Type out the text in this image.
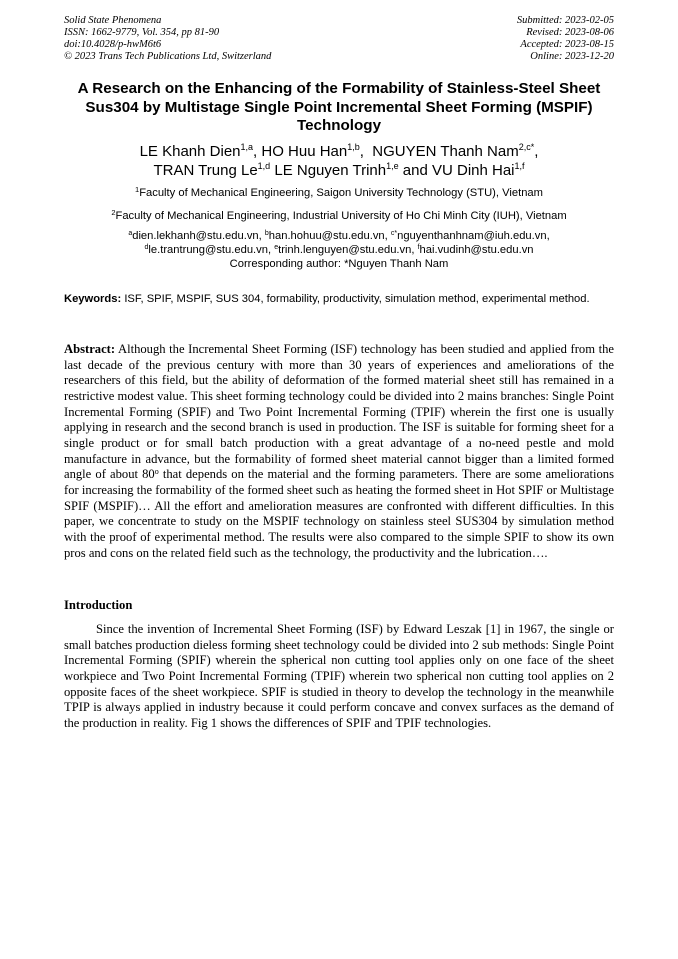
Solid State Phenomena
ISSN: 1662-9779, Vol. 354, pp 81-90
doi:10.4028/p-hwM6t6
© 2023 Trans Tech Publications Ltd, Switzerland
Submitted: 2023-02-05
Revised: 2023-08-06
Accepted: 2023-08-15
Online: 2023-12-20
A Research on the Enhancing of the Formability of Stainless-Steel Sheet Sus304 by Multistage Single Point Incremental Sheet Forming (MSPIF) Technology
LE Khanh Dien$^{1,a}$, HO Huu Han$^{1,b}$,  NGUYEN Thanh Nam$^{2,c*}$,
TRAN Trung Le$^{1,d}$ LE Nguyen Trinh$^{1,e}$ and VU Dinh Hai$^{1,f}$
$^1$Faculty of Mechanical Engineering, Saigon University Technology (STU), Vietnam
$^2$Faculty of Mechanical Engineering, Industrial University of Ho Chi Minh City (IUH), Vietnam
$^a$dien.lekhanh@stu.edu.vn, $^b$han.hohuu@stu.edu.vn, $^{c*}$nguyenthanhnam@iuh.edu.vn,
$^d$le.trantrung@stu.edu.vn, $^e$trinh.lenguyen@stu.edu.vn, $^f$hai.vudinh@stu.edu.vn
Corresponding author: *Nguyen Thanh Nam
Keywords: ISF, SPIF, MSPIF, SUS 304, formability, productivity, simulation method, experimental method.
Abstract: Although the Incremental Sheet Forming (ISF) technology has been studied and applied from the last decade of the previous century with more than 30 years of experiences and ameliorations of the researchers of this field, but the ability of deformation of the formed material sheet still has remained in a restrictive modest value. This sheet forming technology could be divided into 2 mains branches: Single Point Incremental Forming (SPIF) and Two Point Incremental Forming (TPIF) wherein the first one is usually applying in research and the second branch is used in production. The ISF is suitable for forming sheet for a single product or for small batch production with a great advantage of a no-need pestle and mold manufacture in advance, but the formability of formed sheet material cannot bigger than a limited formed angle of about 80$^o$ that depends on the material and the forming parameters. There are some ameliorations for increasing the formability of the formed sheet such as heating the formed sheet in Hot SPIF or Multistage SPIF (MSPIF)… All the effort and amelioration measures are confronted with different difficulties. In this paper, we concentrate to study on the MSPIF technology on stainless steel SUS304 by simulation method with the proof of experimental method. The results were also compared to the simple SPIF to show its own pros and cons on the related field such as the technology, the productivity and the lubrication….
Introduction
Since the invention of Incremental Sheet Forming (ISF) by Edward Leszak [1] in 1967, the single or small batches production dieless forming sheet technology could be divided into 2 sub methods: Single Point Incremental Forming (SPIF) wherein the spherical non cutting tool applies only on one face of the sheet workpiece and Two Point Incremental Forming (TPIF) wherein two spherical non cutting tool applies on 2 opposite faces of the sheet workpiece. SPIF is studied in theory to develop the technology in the meanwhile TPIP is always applied in industry because it could perform concave and convex surfaces as the demand of the production in reality. Fig 1 shows the differences of SPIF and TPIF technologies.
